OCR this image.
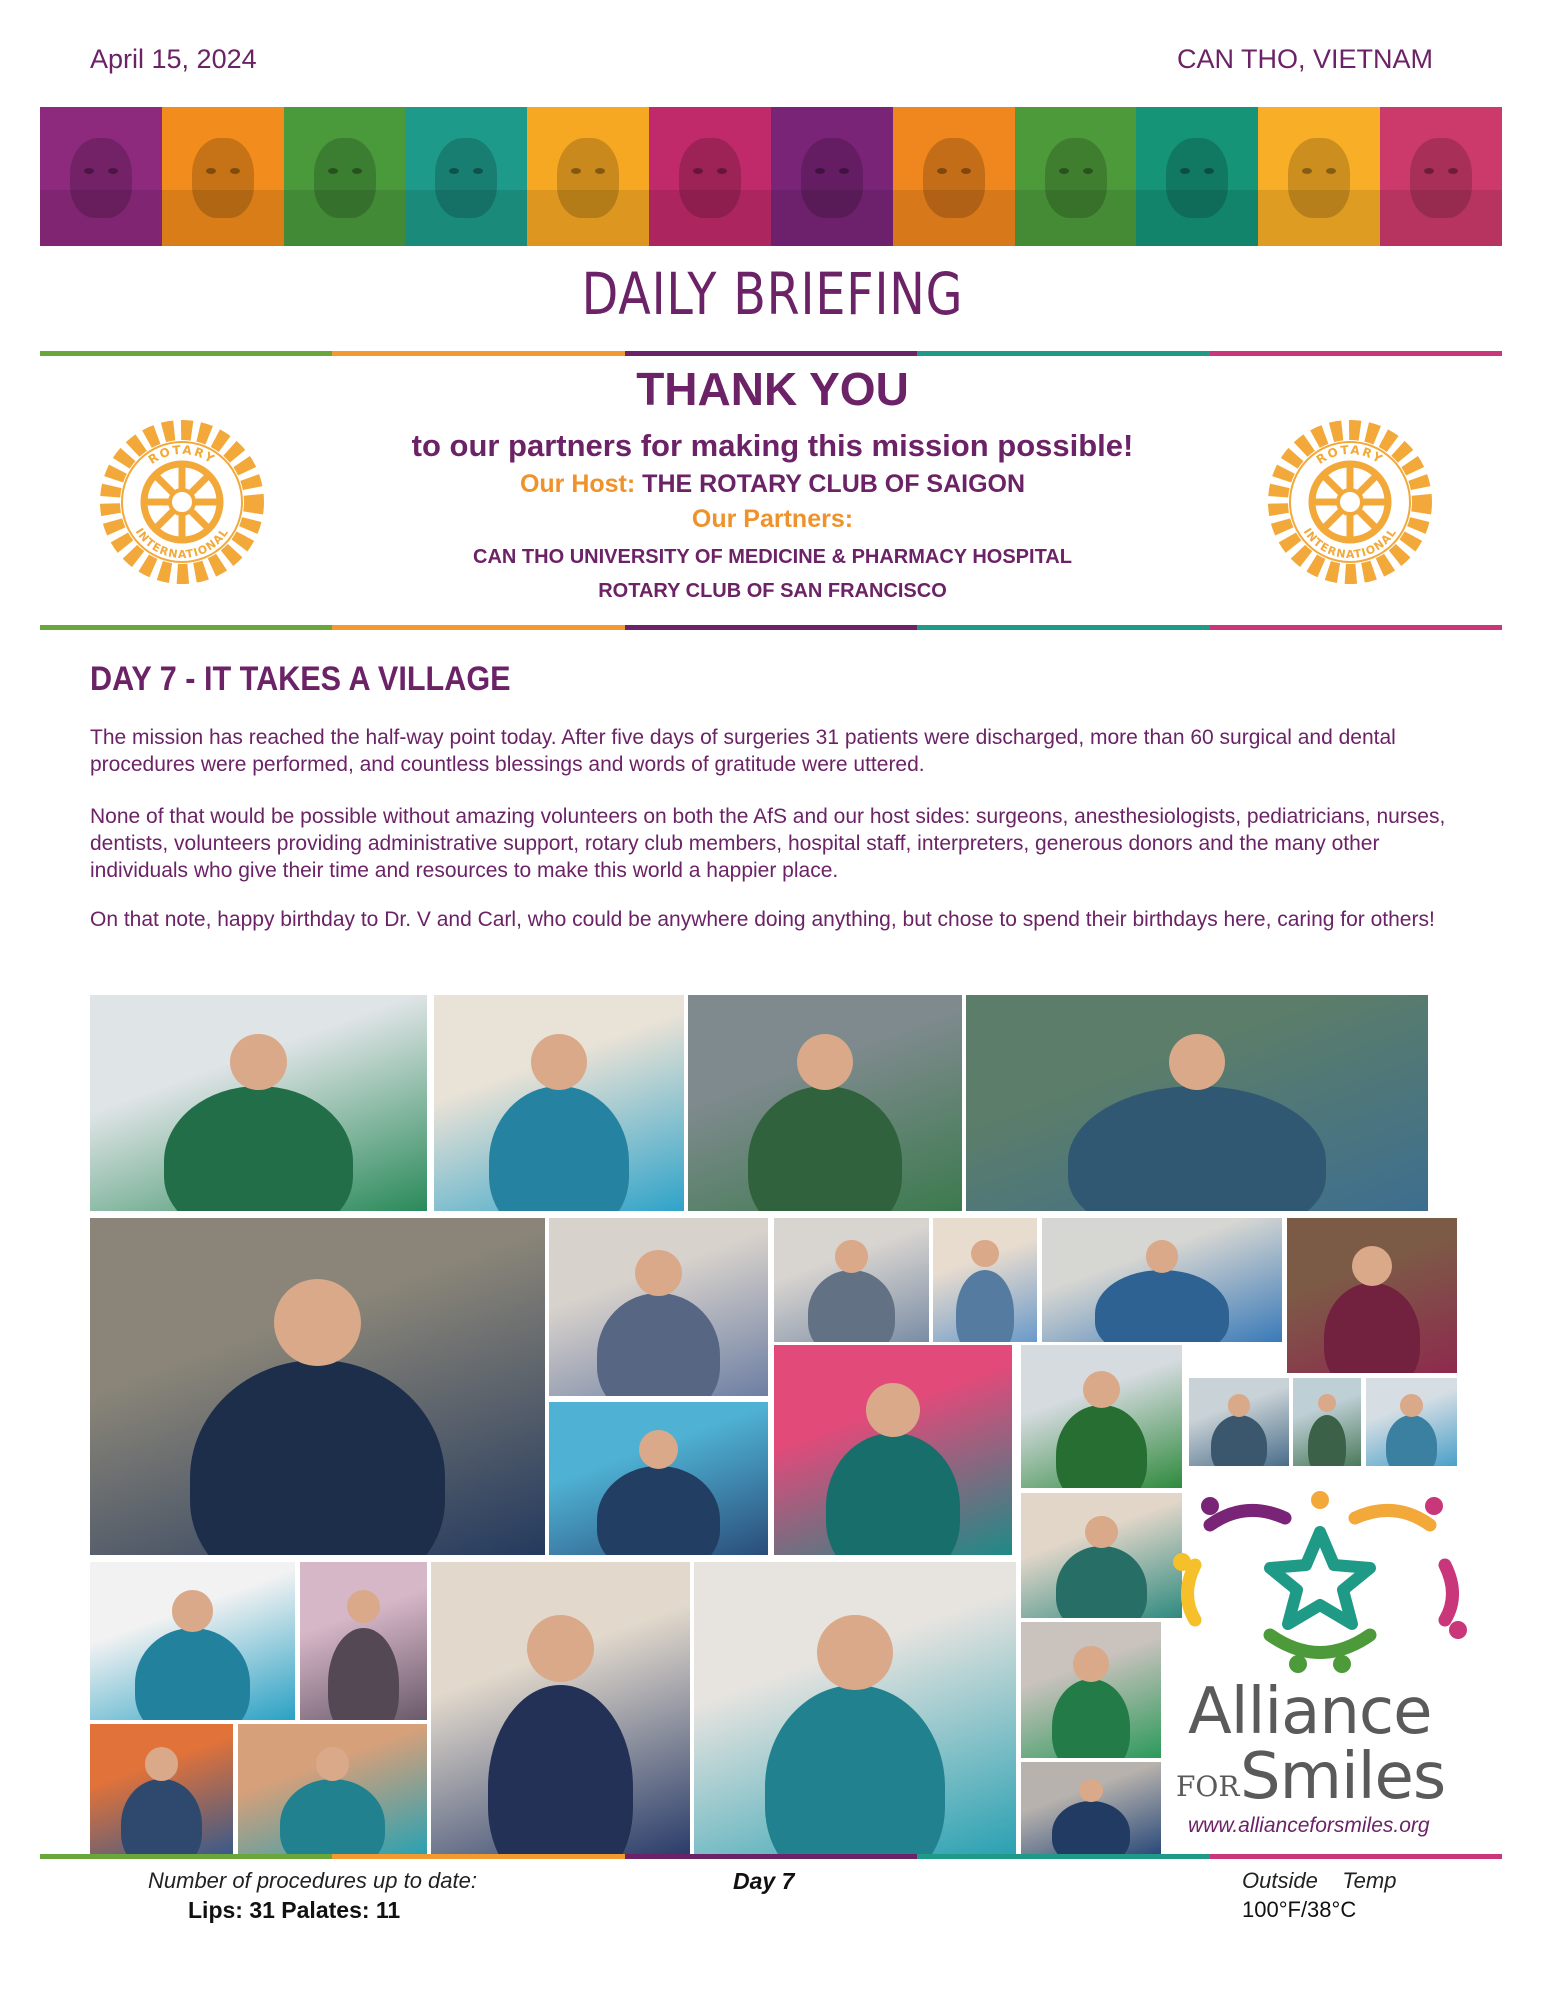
April 15, 2024	CAN THO, VIETNAM
DAILY BRIEFING
THANK YOU
to our partners for making this mission possible!
Our Host: THE ROTARY CLUB OF SAIGON
Our Partners:
CAN THO UNIVERSITY OF MEDICINE & PHARMACY HOSPITAL
ROTARY CLUB OF SAN FRANCISCO
ROTARY
INTERNATIONAL
ROTARY
INTERNATIONAL
DAY 7 - IT TAKES A VILLAGE

The mission has reached the half-way point today. After five days of surgeries 31 patients were discharged, more than 60 surgical and dental procedures were performed, and countless blessings and words of gratitude were uttered.

None of that would be possible without amazing volunteers on both the AfS and our host sides: surgeons, anesthesiologists, pediatricians, nurses, dentists, volunteers providing administrative support, rotary club members, hospital staff, interpreters, generous donors and the many other individuals who give their time and resources to make this world a happier place.

On that note, happy birthday to Dr. V and Carl, who could be anywhere doing anything, but chose to spend their birthdays here, caring for others!

Alliance
FOR Smiles
www.allianceforsmiles.org
Number of procedures up to date:
Lips: 31 Palates: 11
Day 7	Outside    Temp
100°F/38°C
